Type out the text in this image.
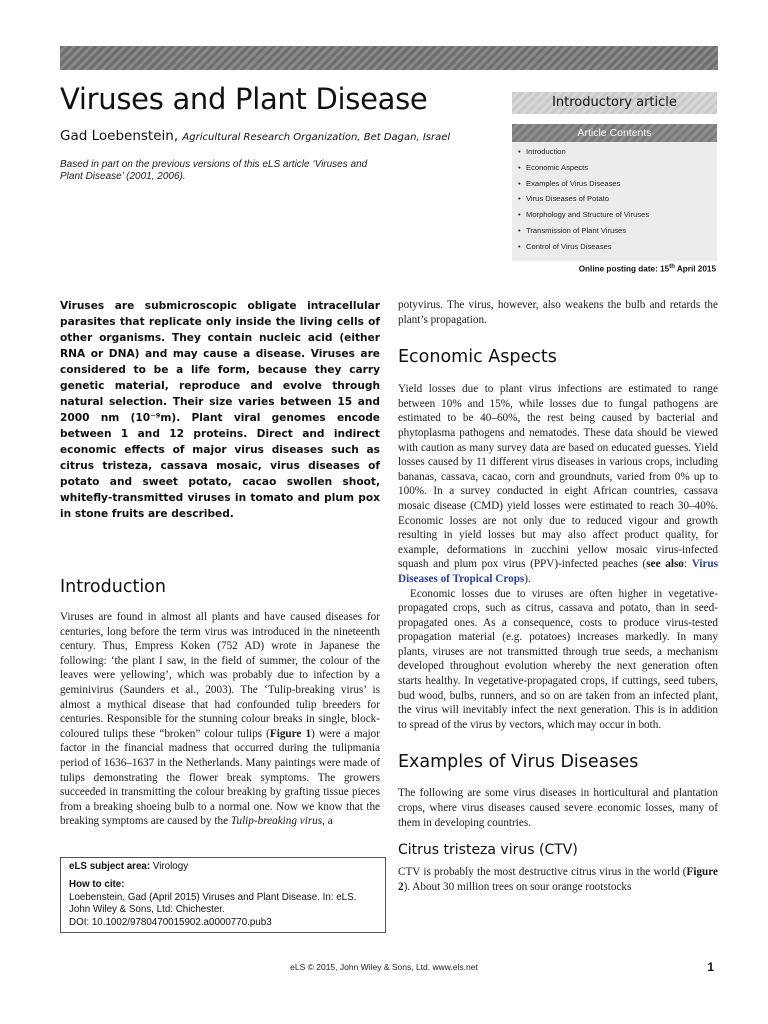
Viruses and Plant Disease
Gad Loebenstein, Agricultural Research Organization, Bet Dagan, Israel
Based in part on the previous versions of this eLS article ‘Viruses and Plant Disease’ (2001, 2006).
Introductory article
Article Contents
• Introduction
• Economic Aspects
• Examples of Virus Diseases
• Virus Diseases of Potato
• Morphology and Structure of Viruses
• Transmission of Plant Viruses
• Control of Virus Diseases
Online posting date: 15th April 2015

Viruses are submicroscopic obligate intracellular parasites that replicate only inside the living cells of other organisms. They contain nucleic acid (either RNA or DNA) and may cause a disease. Viruses are considered to be a life form, because they carry genetic material, reproduce and evolve through natural selection. Their size varies between 15 and 2000 nm (10⁻⁹m). Plant viral genomes encode between 1 and 12 proteins. Direct and indirect economic effects of major virus diseases such as citrus tristeza, cassava mosaic, virus diseases of potato and sweet potato, cacao swollen shoot, whitefly-transmitted viruses in tomato and plum pox in stone fruits are described.

Introduction

Viruses are found in almost all plants and have caused diseases for centuries, long before the term virus was introduced in the nineteenth century. Thus, Empress Koken (752 AD) wrote in Japanese the following: ‘the plant I saw, in the field of summer, the colour of the leaves were yellowing’, which was probably due to infection by a geminivirus (Saunders et al., 2003). The ‘Tulip-breaking virus’ is almost a mythical disease that had confounded tulip breeders for centuries. Responsible for the stunning colour breaks in single, block-coloured tulips these “broken” colour tulips (Figure 1) were a major factor in the financial madness that occurred during the tulipmania period of 1636–1637 in the Netherlands. Many paintings were made of tulips demonstrating the flower break symptoms. The growers succeeded in transmitting the colour breaking by grafting tissue pieces from a breaking shoeing bulb to a normal one. Now we know that the breaking symptoms are caused by the Tulip-breaking virus, a

eLS subject area: Virology
How to cite:
Loebenstein, Gad (April 2015) Viruses and Plant Disease. In: eLS. John Wiley & Sons, Ltd: Chichester.
DOI: 10.1002/9780470015902.a0000770.pub3

potyvirus. The virus, however, also weakens the bulb and retards the plant’s propagation.

Economic Aspects

Yield losses due to plant virus infections are estimated to range between 10% and 15%, while losses due to fungal pathogens are estimated to be 40–60%, the rest being caused by bacterial and phytoplasma pathogens and nematodes. These data should be viewed with caution as many survey data are based on educated guesses. Yield losses caused by 11 different virus diseases in various crops, including bananas, cassava, cacao, corn and groundnuts, varied from 0% up to 100%. In a survey conducted in eight African countries, cassava mosaic disease (CMD) yield losses were estimated to reach 30–40%. Economic losses are not only due to reduced vigour and growth resulting in yield losses but may also affect product quality, for example, deformations in zucchini yellow mosaic virus-infected squash and plum pox virus (PPV)-infected peaches (see also: Virus Diseases of Tropical Crops).

Economic losses due to viruses are often higher in vegetative-propagated crops, such as citrus, cassava and potato, than in seed-propagated ones. As a consequence, costs to produce virus-tested propagation material (e.g. potatoes) increases markedly. In many plants, viruses are not transmitted through true seeds, a mechanism developed throughout evolution whereby the next generation often starts healthy. In vegetative-propagated crops, if cuttings, seed tubers, bud wood, bulbs, runners, and so on are taken from an infected plant, the virus will inevitably infect the next generation. This is in addition to spread of the virus by vectors, which may occur in both.

Examples of Virus Diseases

The following are some virus diseases in horticultural and plantation crops, where virus diseases caused severe economic losses, many of them in developing countries.

Citrus tristeza virus (CTV)

CTV is probably the most destructive citrus virus in the world (Figure 2). About 30 million trees on sour orange rootstocks

eLS © 2015, John Wiley & Sons, Ltd. www.els.net	1
